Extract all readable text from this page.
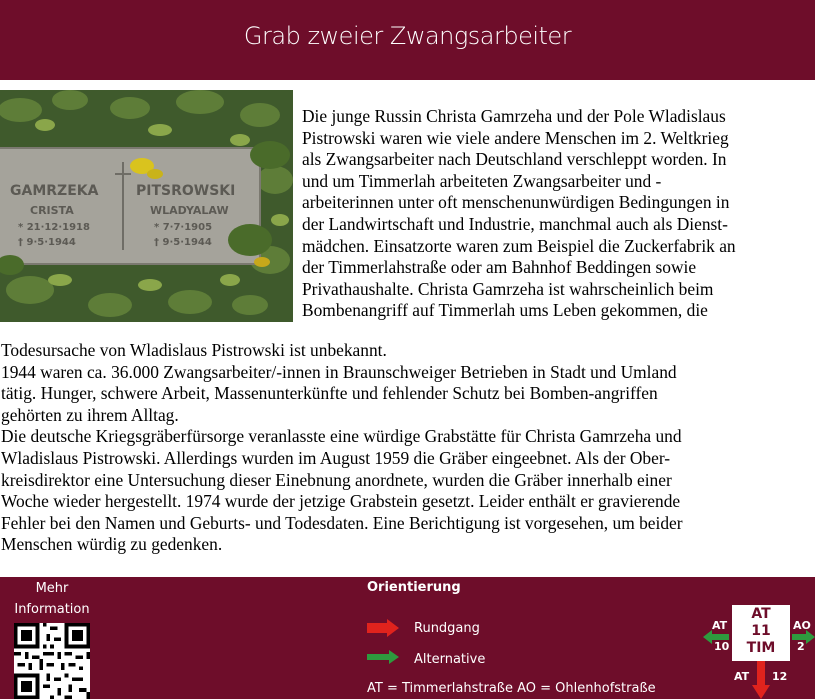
Grab zweier Zwangsarbeiter
GAMRZEKA
CRISTA
* 21·12·1918
† 9·5·1944
PITSROWSKI
WLADYALAW
* 7·7·1905
† 9·5·1944
Die junge Russin Christa Gamrzeha und der Pole Wladislaus
Pistrowski waren wie viele andere Menschen im 2. Weltkrieg
als Zwangsarbeiter nach Deutschland verschleppt worden. In
und um Timmerlah arbeiteten Zwangsarbeiter und -
arbeiterinnen unter oft menschenunwürdigen Bedingungen in
der Landwirtschaft und Industrie, manchmal auch als Dienst-
mädchen. Einsatzorte waren zum Beispiel die Zuckerfabrik an
der Timmerlahstraße oder am Bahnhof Beddingen sowie
Privathaushalte. Christa Gamrzeha ist wahrscheinlich beim
Bombenangriff auf Timmerlah ums Leben gekommen, die
Todesursache von Wladislaus Pistrowski ist unbekannt.
1944 waren ca. 36.000 Zwangsarbeiter/-innen in Braunschweiger Betrieben in Stadt und Umland
tätig. Hunger, schwere Arbeit, Massenunterkünfte und fehlender Schutz bei Bomben-angriffen
gehörten zu ihrem Alltag.
Die deutsche Kriegsgräberfürsorge veranlasste eine würdige Grabstätte für Christa Gamrzeha und
Wladislaus Pistrowski. Allerdings wurden im August 1959 die Gräber eingeebnet. Als der Ober-
kreisdirektor eine Untersuchung dieser Einebnung anordnete, wurden die Gräber innerhalb einer
Woche wieder hergestellt. 1974 wurde der jetzige Grabstein gesetzt. Leider enthält er gravierende
Fehler bei den Namen und Geburts- und Todesdaten. Eine Berichtigung ist vorgesehen, um beider
Menschen würdig zu gedenken.
Mehr
Information
Orientierung
Rundgang
Alternative
AT = Timmerlahstraße AO = Ohlenhofstraße
AT
11
TIM
AT
10
AO
2
AT 12
